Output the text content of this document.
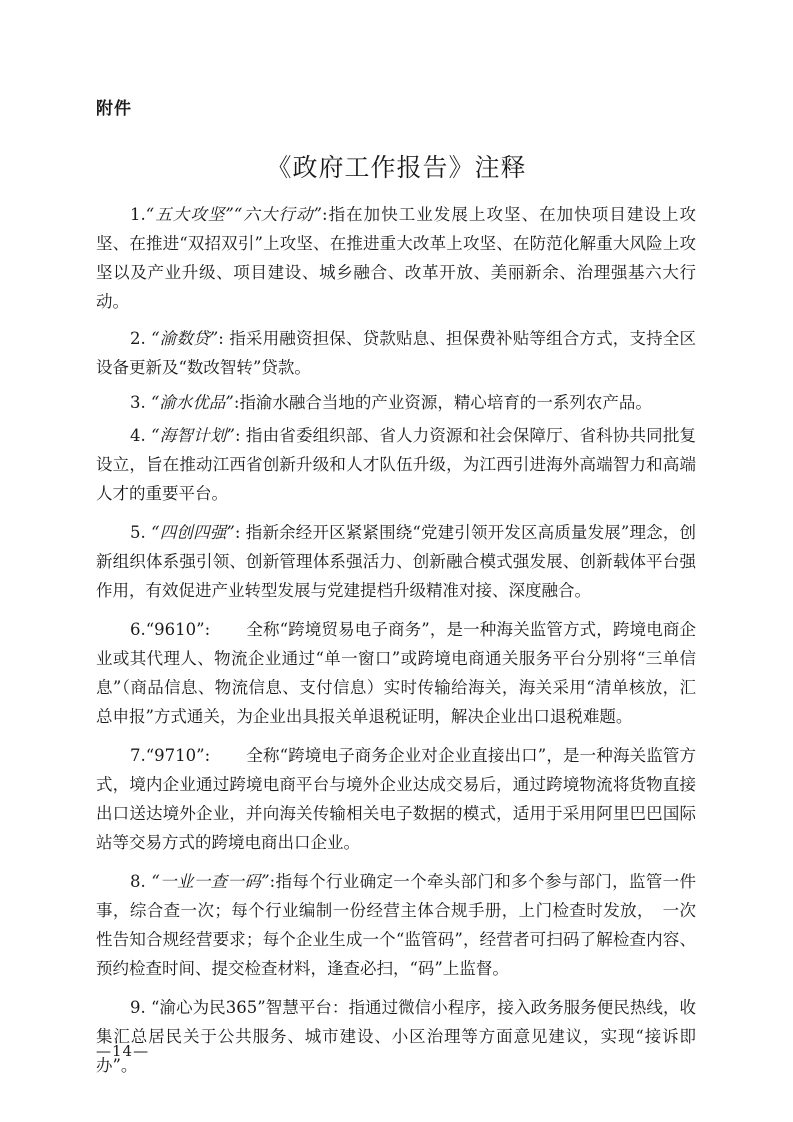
附件
《政府工作报告》注释

1.“五大攻坚”“六大行动”:指在加快工业发展上攻坚、在加快项目建设上攻坚、在推进“双招双引”上攻坚、在推进重大改革上攻坚、在防范化解重大风险上攻坚以及产业升级、项目建设、城乡融合、改革开放、美丽新余、治理强基六大行动。

2. “渝数贷”: 指采用融资担保、贷款贴息、担保费补贴等组合方式，支持全区设备更新及“数改智转”贷款。

3. “渝水优品”:指渝水融合当地的产业资源，精心培育的一系列农产品。

4. “海智计划”: 指由省委组织部、省人力资源和社会保障厅、省科协共同批复设立，旨在推动江西省创新升级和人才队伍升级，为江西引进海外高端智力和高端人才的重要平台。

5. “四创四强”: 指新余经开区紧紧围绕“党建引领开发区高质量发展”理念，创新组织体系强引领、创新管理体系强活力、创新融合模式强发展、创新载体平台强作用，有效促进产业转型发展与党建提档升级精准对接、深度融合。

6.“9610”: 全称“跨境贸易电子商务”，是一种海关监管方式，跨境电商企业或其代理人、物流企业通过“单一窗口”或跨境电商通关服务平台分别将“三单信息”（商品信息、物流信息、支付信息）实时传输给海关，海关采用“清单核放，汇总申报”方式通关，为企业出具报关单退税证明，解决企业出口退税难题。

7.“9710”: 全称“跨境电子商务企业对企业直接出口”，是一种海关监管方式，境内企业通过跨境电商平台与境外企业达成交易后，通过跨境物流将货物直接出口送达境外企业，并向海关传输相关电子数据的模式，适用于采用阿里巴巴国际站等交易方式的跨境电商出口企业。

8. “一业一查一码”:指每个行业确定一个牵头部门和多个参与部门，监管一件事，综合查一次；每个行业编制一份经营主体合规手册，上门检查时发放，　一次性告知合规经营要求；每个企业生成一个“监管码”，经营者可扫码了解检查内容、预约检查时间、提交检查材料，逢查必扫，“码”上监督。

9. “渝心为民365”智慧平台：指通过微信小程序，接入政务服务便民热线，收集汇总居民关于公共服务、城市建设、小区治理等方面意见建议，实现“接诉即办”。

—14—
